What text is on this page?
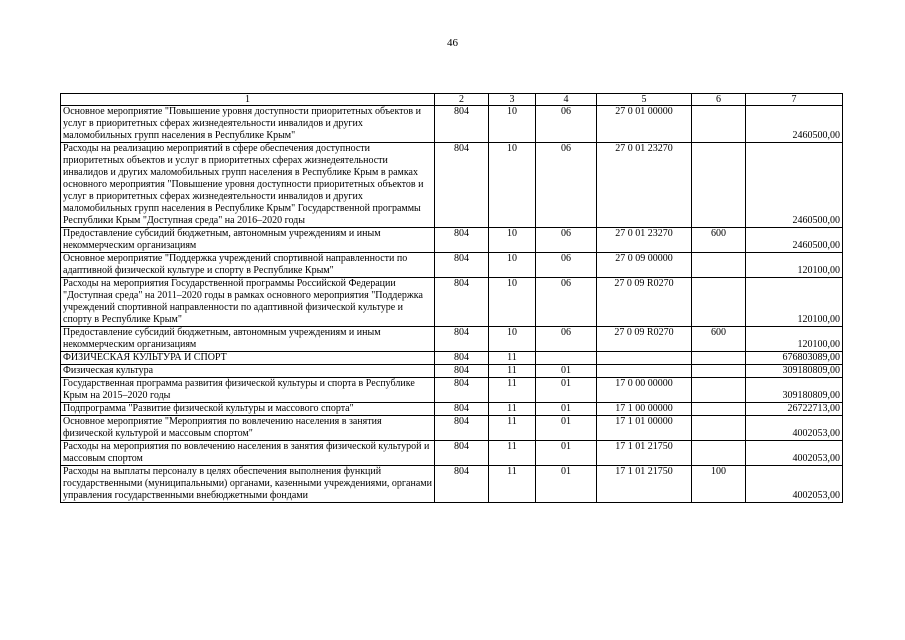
46
1	2	3	4	5	6	7
Основное мероприятие "Повышение уровня доступности приоритетных объектов и услуг в приоритетных сферах жизнедеятельности инвалидов и других маломобильных групп населения в Республике Крым"	804	10	06	27 0 01 00000		2460500,00
Расходы на реализацию мероприятий в сфере обеспечения доступности приоритетных объектов и услуг в приоритетных сферах жизнедеятельности инвалидов и других маломобильных групп населения в Республике Крым в рамках основного мероприятия "Повышение уровня доступности приоритетных объектов и услуг в приоритетных сферах жизнедеятельности инвалидов и других маломобильных групп населения в Республике Крым" Государственной программы Республики Крым "Доступная среда" на 2016–2020 годы	804	10	06	27 0 01 23270		2460500,00
Предоставление субсидий бюджетным, автономным учреждениям и иным некоммерческим организациям	804	10	06	27 0 01 23270	600	2460500,00
Основное мероприятие "Поддержка учреждений спортивной направленности по адаптивной физической культуре и спорту в Республике Крым"	804	10	06	27 0 09 00000		120100,00
Расходы на мероприятия Государственной программы Российской Федерации "Доступная среда" на 2011–2020 годы в рамках основного мероприятия "Поддержка учреждений спортивной направленности по адаптивной физической культуре и спорту в Республике Крым"	804	10	06	27 0 09 R0270		120100,00
Предоставление субсидий бюджетным, автономным учреждениям и иным некоммерческим организациям	804	10	06	27 0 09 R0270	600	120100,00
ФИЗИЧЕСКАЯ КУЛЬТУРА И СПОРТ	804	11				676803089,00
Физическая культура	804	11	01			309180809,00
Государственная программа развития физической культуры и спорта в Республике Крым на 2015–2020 годы	804	11	01	17 0 00 00000		309180809,00
Подпрограмма "Развитие физической культуры и массового спорта"	804	11	01	17 1 00 00000		26722713,00
Основное мероприятие "Мероприятия по вовлечению населения в занятия физической культурой и массовым спортом"	804	11	01	17 1 01 00000		4002053,00
Расходы на мероприятия по вовлечению населения в занятия физической культурой и массовым спортом	804	11	01	17 1 01 21750		4002053,00
Расходы на выплаты персоналу в целях обеспечения выполнения функций государственными (муниципальными) органами, казенными учреждениями, органами управления государственными внебюджетными фондами	804	11	01	17 1 01 21750	100	4002053,00
